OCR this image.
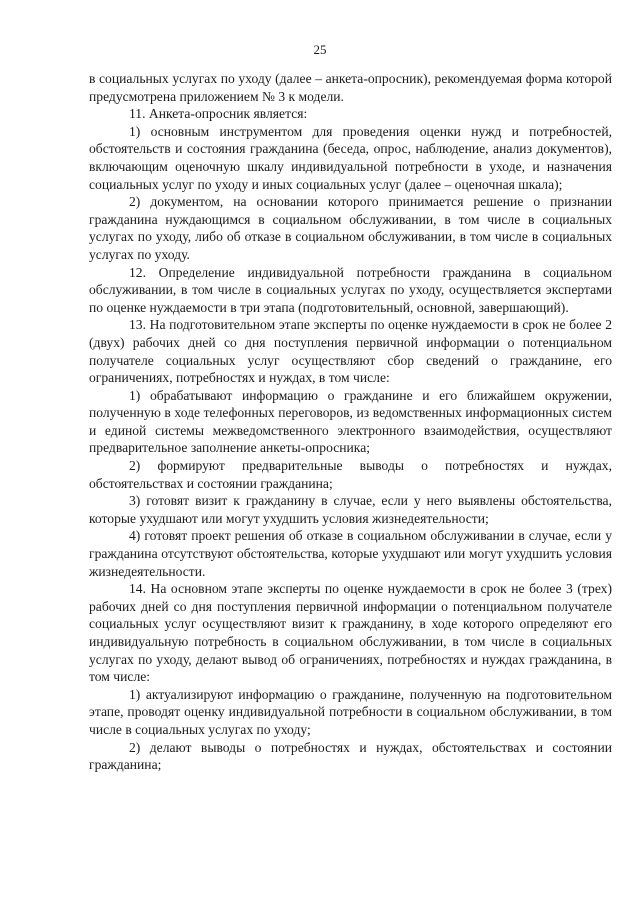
25

в социальных услугах по уходу (далее – анкета-опросник), рекомендуемая форма которой предусмотрена приложением № 3 к модели.

11. Анкета-опросник является:

1) основным инструментом для проведения оценки нужд и потребностей, обстоятельств и состояния гражданина (беседа, опрос, наблюдение, анализ документов), включающим оценочную шкалу индивидуальной потребности в уходе, и назначения социальных услуг по уходу и иных социальных услуг (далее – оценочная шкала);

2) документом, на основании которого принимается решение о признании гражданина нуждающимся в социальном обслуживании, в том числе в социальных услугах по уходу, либо об отказе в социальном обслуживании, в том числе в социальных услугах по уходу.

12. Определение индивидуальной потребности гражданина в социальном обслуживании, в том числе в социальных услугах по уходу, осуществляется экспертами по оценке нуждаемости в три этапа (подготовительный, основной, завершающий).

13. На подготовительном этапе эксперты по оценке нуждаемости в срок не более 2 (двух) рабочих дней со дня поступления первичной информации о потенциальном получателе социальных услуг осуществляют сбор сведений о гражданине, его ограничениях, потребностях и нуждах, в том числе:

1) обрабатывают информацию о гражданине и его ближайшем окружении, полученную в ходе телефонных переговоров, из ведомственных информационных систем и единой системы межведомственного электронного взаимодействия, осуществляют предварительное заполнение анкеты-опросника;

2) формируют предварительные выводы о потребностях и нуждах, обстоятельствах и состоянии гражданина;

3) готовят визит к гражданину в случае, если у него выявлены обстоятельства, которые ухудшают или могут ухудшить условия жизнедеятельности;

4) готовят проект решения об отказе в социальном обслуживании в случае, если у гражданина отсутствуют обстоятельства, которые ухудшают или могут ухудшить условия жизнедеятельности.

14. На основном этапе эксперты по оценке нуждаемости в срок не более 3 (трех) рабочих дней со дня поступления первичной информации о потенциальном получателе социальных услуг осуществляют визит к гражданину, в ходе которого определяют его индивидуальную потребность в социальном обслуживании, в том числе в социальных услугах по уходу, делают вывод об ограничениях, потребностях и нуждах гражданина, в том числе:

1) актуализируют информацию о гражданине, полученную на подготовительном этапе, проводят оценку индивидуальной потребности в социальном обслуживании, в том числе в социальных услугах по уходу;

2) делают выводы о потребностях и нуждах, обстоятельствах и состоянии гражданина;
